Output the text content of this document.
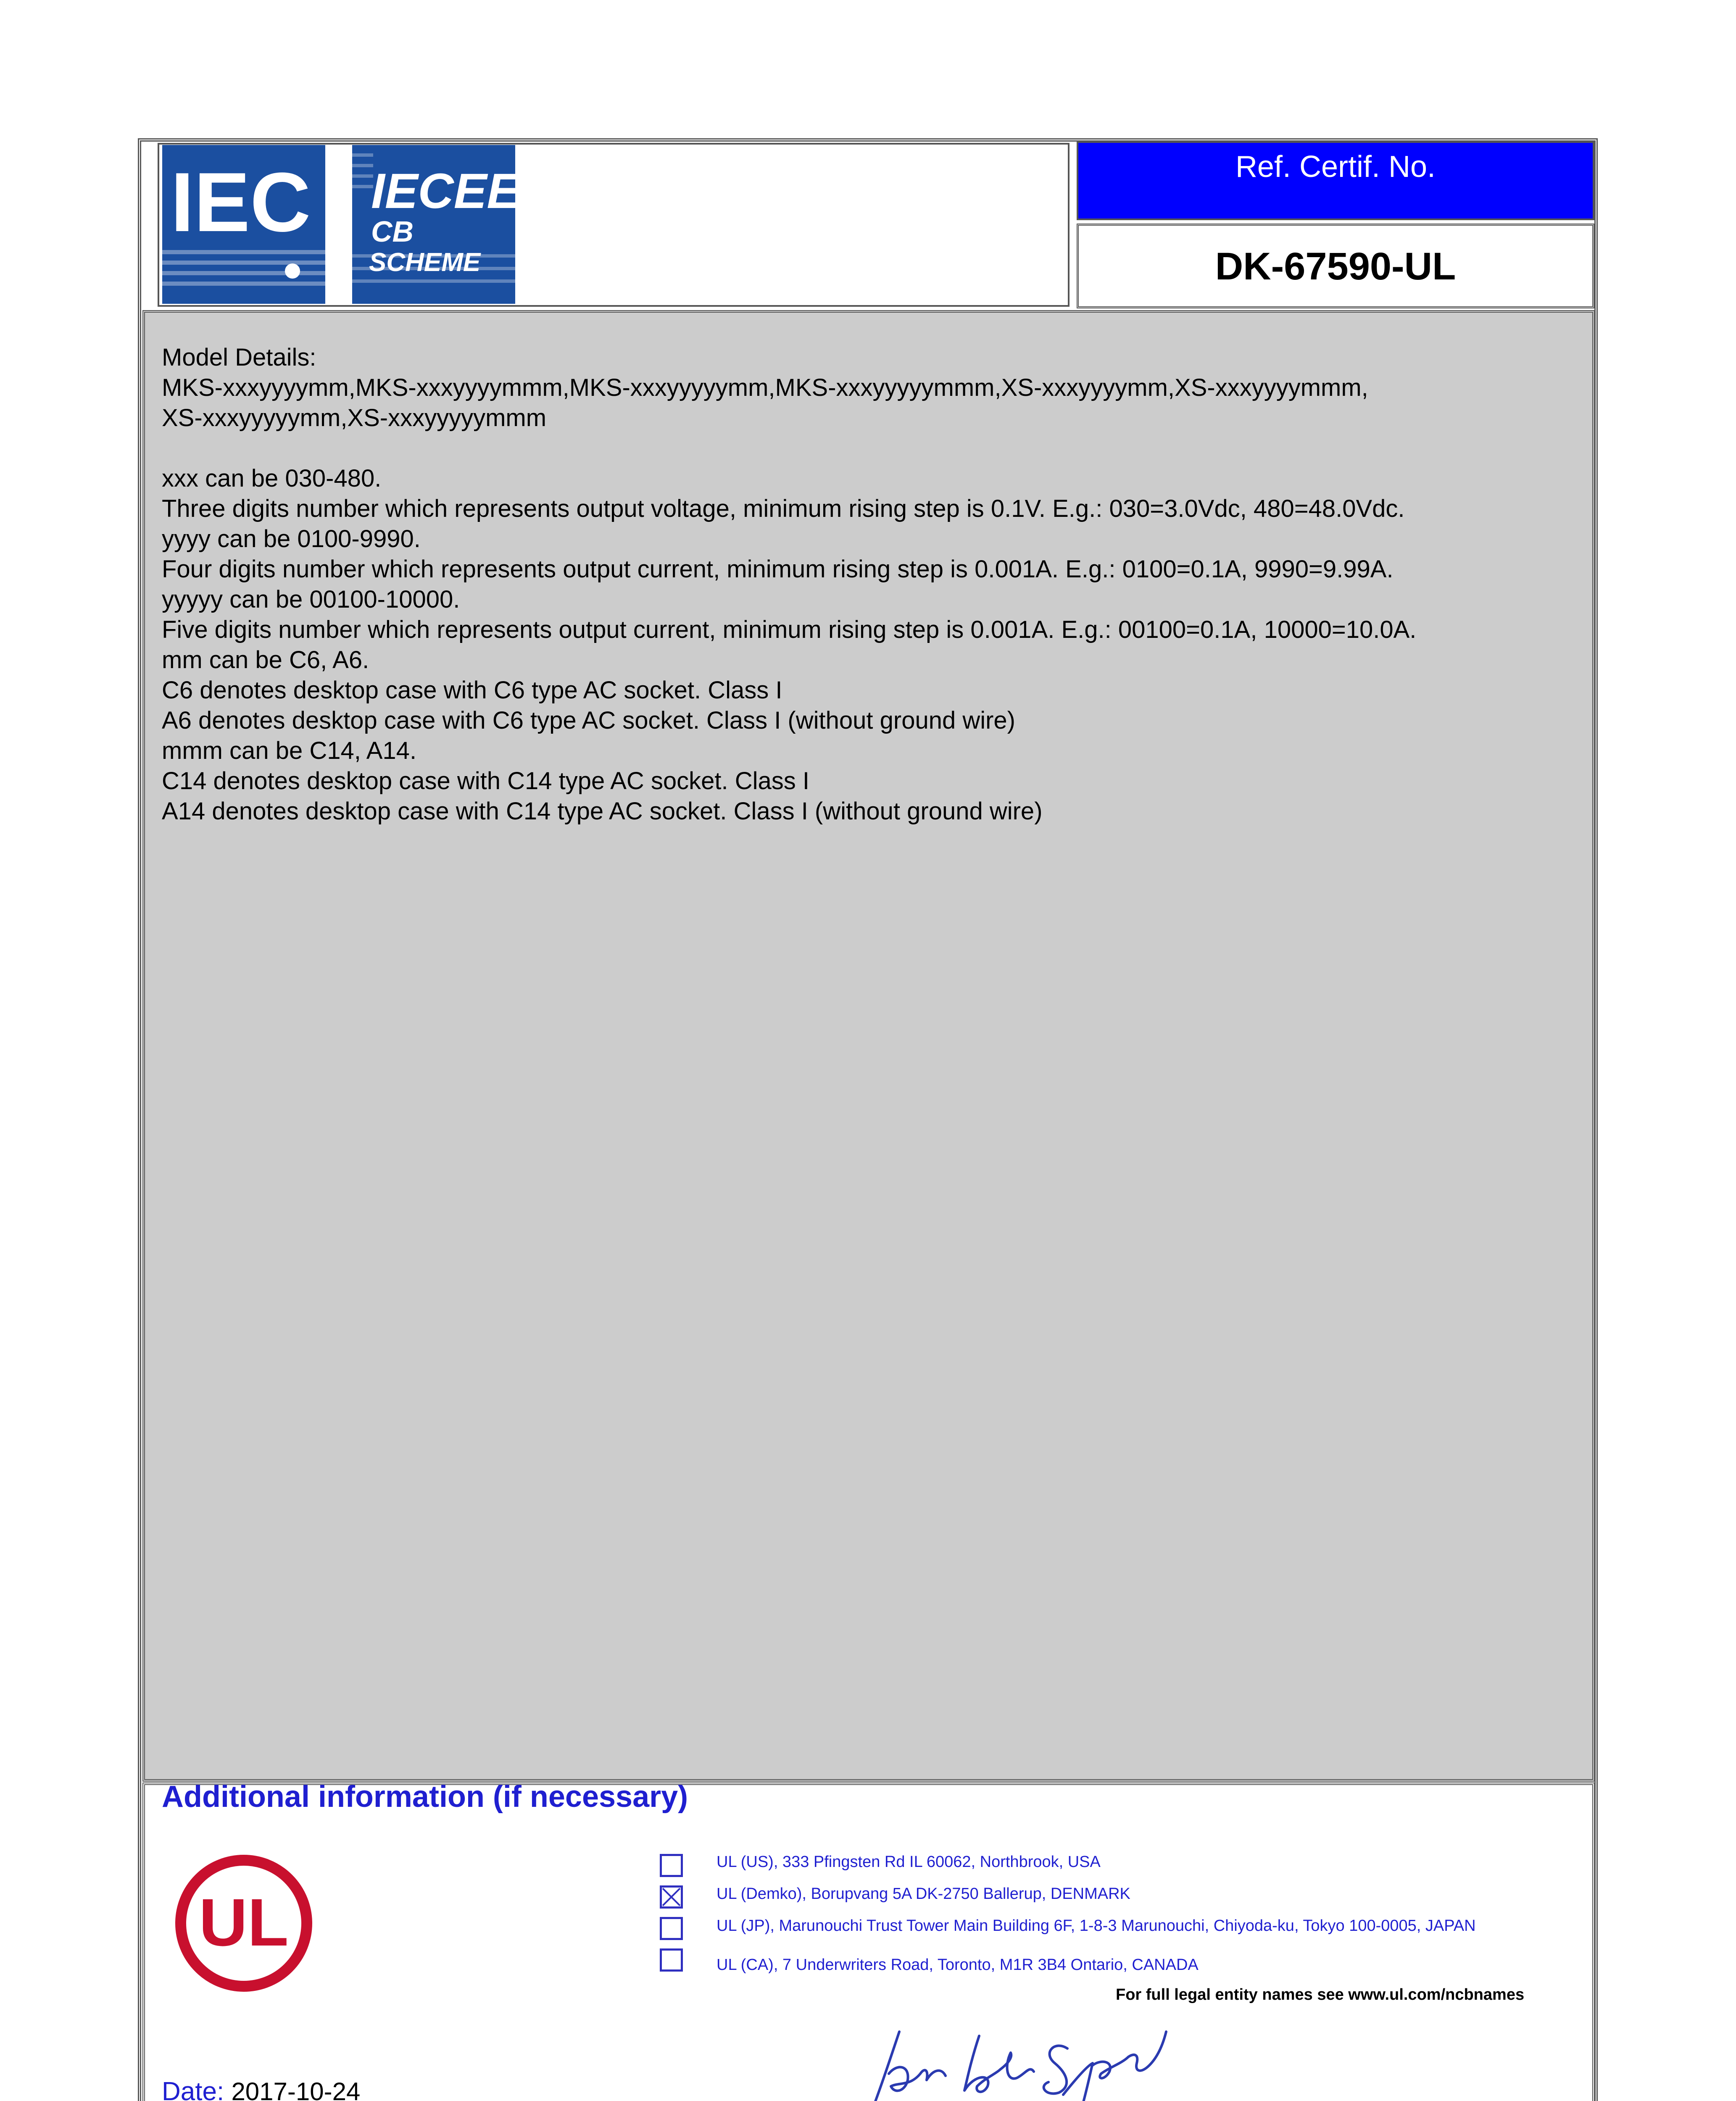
IEC IECEE
CB
SCHEME
Ref. Certif. No.
DK-67590-UL

Model Details:

MKS-xxxyyyymm,MKS-xxxyyyymmm,MKS-xxxyyyyymm,MKS-xxxyyyyymmm,XS-xxxyyyymm,XS-xxxyyyymmm,

XS-xxxyyyyymm,XS-xxxyyyyymmm

xxx can be 030-480.

Three digits number which represents output voltage, minimum rising step is 0.1V. E.g.: 030=3.0Vdc, 480=48.0Vdc.

yyyy can be 0100-9990.

Four digits number which represents output current, minimum rising step is 0.001A. E.g.: 0100=0.1A, 9990=9.99A.

yyyyy can be 00100-10000.

Five digits number which represents output current, minimum rising step is 0.001A. E.g.: 00100=0.1A, 10000=10.0A.

mm can be C6, A6.

C6 denotes desktop case with C6 type AC socket. Class I

A6 denotes desktop case with C6 type AC socket. Class I (without ground wire)

mmm can be C14, A14.

C14 denotes desktop case with C14 type AC socket. Class I

A14 denotes desktop case with C14 type AC socket. Class I (without ground wire)

Additional information (if necessary)
UL
UL (US), 333 Pfingsten Rd IL 60062, Northbrook, USA
UL (Demko), Borupvang 5A DK-2750 Ballerup, DENMARK
UL (JP), Marunouchi Trust Tower Main Building 6F, 1-8-3 Marunouchi, Chiyoda-ku, Tokyo 100-0005, JAPAN
UL (CA), 7 Underwriters Road, Toronto, M1R 3B4 Ontario, CANADA
For full legal entity names see www.ul.com/ncbnames
Date: 2017-10-24
